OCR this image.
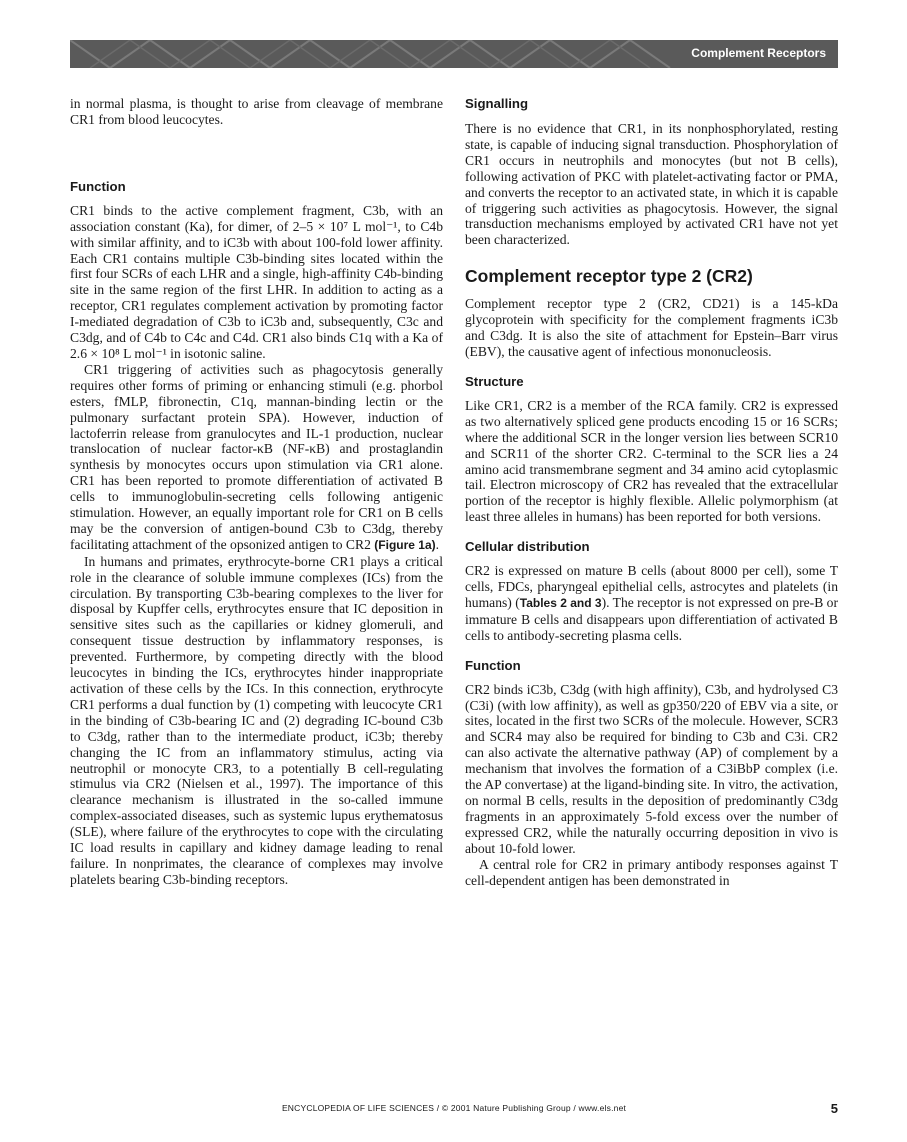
Complement Receptors

in normal plasma, is thought to arise from cleavage of membrane CR1 from blood leucocytes.

Function

CR1 binds to the active complement fragment, C3b, with an association constant (Ka), for dimer, of 2–5 × 10⁷ L mol⁻¹, to C4b with similar affinity, and to iC3b with about 100-fold lower affinity. Each CR1 contains multiple C3b-binding sites located within the first four SCRs of each LHR and a single, high-affinity C4b-binding site in the same region of the first LHR. In addition to acting as a receptor, CR1 regulates complement activation by promoting factor I-mediated degradation of C3b to iC3b and, subsequently, C3c and C3dg, and of C4b to C4c and C4d. CR1 also binds C1q with a Ka of 2.6 × 10⁸ L mol⁻¹ in isotonic saline.

CR1 triggering of activities such as phagocytosis generally requires other forms of priming or enhancing stimuli (e.g. phorbol esters, fMLP, fibronectin, C1q, mannan-binding lectin or the pulmonary surfactant protein SPA). However, induction of lactoferrin release from granulocytes and IL-1 production, nuclear translocation of nuclear factor-κB (NF-κB) and prostaglandin synthesis by monocytes occurs upon stimulation via CR1 alone. CR1 has been reported to promote differentiation of activated B cells to immunoglobulin-secreting cells following antigenic stimulation. However, an equally important role for CR1 on B cells may be the conversion of antigen-bound C3b to C3dg, thereby facilitating attachment of the opsonized antigen to CR2 (Figure 1a).

In humans and primates, erythrocyte-borne CR1 plays a critical role in the clearance of soluble immune complexes (ICs) from the circulation. By transporting C3b-bearing complexes to the liver for disposal by Kupffer cells, erythrocytes ensure that IC deposition in sensitive sites such as the capillaries or kidney glomeruli, and consequent tissue destruction by inflammatory responses, is prevented. Furthermore, by competing directly with the blood leucocytes in binding the ICs, erythrocytes hinder inappropriate activation of these cells by the ICs. In this connection, erythrocyte CR1 performs a dual function by (1) competing with leucocyte CR1 in the binding of C3b-bearing IC and (2) degrading IC-bound C3b to C3dg, rather than to the intermediate product, iC3b; thereby changing the IC from an inflammatory stimulus, acting via neutrophil or monocyte CR3, to a potentially B cell-regulating stimulus via CR2 (Nielsen et al., 1997). The importance of this clearance mechanism is illustrated in the so-called immune complex-associated diseases, such as systemic lupus erythematosus (SLE), where failure of the erythrocytes to cope with the circulating IC load results in capillary and kidney damage leading to renal failure. In nonprimates, the clearance of complexes may involve platelets bearing C3b-binding receptors.

Signalling

There is no evidence that CR1, in its nonphosphorylated, resting state, is capable of inducing signal transduction. Phosphorylation of CR1 occurs in neutrophils and monocytes (but not B cells), following activation of PKC with platelet-activating factor or PMA, and converts the receptor to an activated state, in which it is capable of triggering such activities as phagocytosis. However, the signal transduction mechanisms employed by activated CR1 have not yet been characterized.

Complement receptor type 2 (CR2)

Complement receptor type 2 (CR2, CD21) is a 145-kDa glycoprotein with specificity for the complement fragments iC3b and C3dg. It is also the site of attachment for Epstein–Barr virus (EBV), the causative agent of infectious mononucleosis.

Structure

Like CR1, CR2 is a member of the RCA family. CR2 is expressed as two alternatively spliced gene products encoding 15 or 16 SCRs; where the additional SCR in the longer version lies between SCR10 and SCR11 of the shorter CR2. C-terminal to the SCR lies a 24 amino acid transmembrane segment and 34 amino acid cytoplasmic tail. Electron microscopy of CR2 has revealed that the extracellular portion of the receptor is highly flexible. Allelic polymorphism (at least three alleles in humans) has been reported for both versions.

Cellular distribution

CR2 is expressed on mature B cells (about 8000 per cell), some T cells, FDCs, pharyngeal epithelial cells, astrocytes and platelets (in humans) (Tables 2 and 3). The receptor is not expressed on pre-B or immature B cells and disappears upon differentiation of activated B cells to antibody-secreting plasma cells.

Function

CR2 binds iC3b, C3dg (with high affinity), C3b, and hydrolysed C3 (C3i) (with low affinity), as well as gp350/220 of EBV via a site, or sites, located in the first two SCRs of the molecule. However, SCR3 and SCR4 may also be required for binding to C3b and C3i. CR2 can also activate the alternative pathway (AP) of complement by a mechanism that involves the formation of a C3iBbP complex (i.e. the AP convertase) at the ligand-binding site. In vitro, the activation, on normal B cells, results in the deposition of predominantly C3dg fragments in an approximately 5-fold excess over the number of expressed CR2, while the naturally occurring deposition in vivo is about 10-fold lower.

A central role for CR2 in primary antibody responses against T cell-dependent antigen has been demonstrated in

ENCYCLOPEDIA OF LIFE SCIENCES / © 2001 Nature Publishing Group / www.els.net	5
